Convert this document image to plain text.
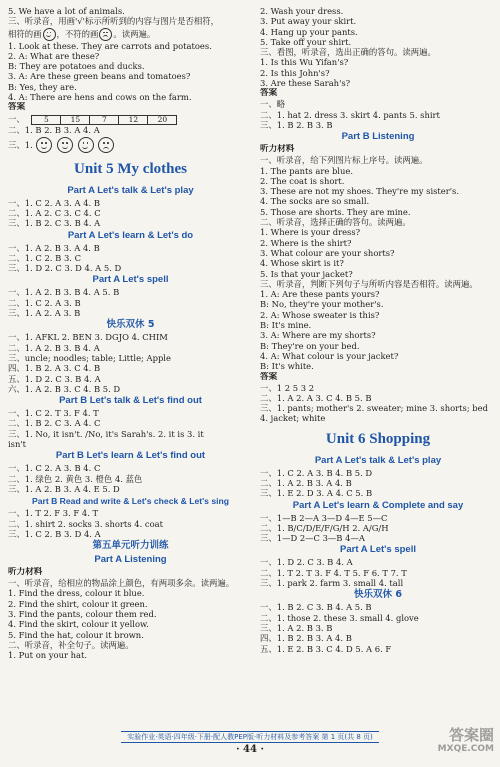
5. We have a lot of animals.
三、听录音，用画'√'标示所听到的内容与图片是否相符，
相符的画 ，不符的画 。读两遍。
1. Look at these. They are carrots and potatoes.
2. A: What are these?
B: They are potatoes and ducks.
3. A: Are these green beans and tomatoes?
B: Yes, they are.
4. A: There are hens and cows on the farm.
答案
一、	5	15	7	12	20
二、1. B 2. B 3. A 4. A
三、1.
Unit 5 My clothes
Part A Let's talk & Let's play
一、1. C 2. A 3. A 4. B
二、1. A 2. C 3. C 4. C
三、1. B 2. C 3. B 4. A
Part A Let's learn & Let's do
一、1. A 2. B 3. A 4. B
二、1. C 2. B 3. C
三、1. D 2. C 3. D 4. A 5. D
Part A Let's spell
一、1. A 2. B 3. B 4. A 5. B
二、1. C 2. A 3. B
三、1. A 2. A 3. B
快乐双休 5
一、1. AFKL 2. BEN 3. DGJO 4. CHIM
二、1. A 2. B 3. B 4. A
三、uncle; noodles; table; Little; Apple
四、1. B 2. A 3. C 4. B
五、1. D 2. C 3. B 4. A
六、1. A 2. B 3. C 4. B 5. D
Part B Let's talk & Let's find out
一、1. C 2. T 3. F 4. T
二、1. B 2. C 3. A 4. C
三、1. No, it isn't. /No, it's Sarah's. 2. it is 3. it
isn't
Part B Let's learn & Let's find out
一、1. C 2. A 3. B 4. C
二、1. 绿色 2. 黄色 3. 橙色 4. 蓝色
三、1. A 2. B 3. A 4. E 5. D
Part B Read and write & Let's check & Let's sing
一、1. T 2. F 3. F 4. T
二、1. shirt 2. socks 3. shorts 4. coat
三、1. C 2. B 3. D 4. A
第五单元听力训练
Part A Listening
听力材料
一、听录音，给相应的物品涂上颜色，有两项多余。读两遍。
1. Find the dress, colour it blue.
2. Find the shirt, colour it green.
3. Find the pants, colour them red.
4. Find the skirt, colour it yellow.
5. Find the hat, colour it brown.
二、听录音，补全句子。读两遍。
1. Put on your hat.
2. Wash your dress.
3. Put away your skirt.
4. Hang up your pants.
5. Take off your shirt.
三、看图，听录音，选出正确的答句。读两遍。
1. Is this Wu Yifan's?
2. Is this John's?
3. Are these Sarah's?
答案
一、略
二、1. hat 2. dress 3. skirt 4. pants 5. shirt
三、1. B 2. B 3. B
Part B Listening
听力材料
一、听录音，给下列图片标上序号。读两遍。
1. The pants are blue.
2. The coat is short.
3. These are not my shoes. They're my sister's.
4. The socks are so small.
5. Those are shorts. They are mine.
二、听录音，选择正确的答句。读两遍。
1. Where is your dress?
2. Where is the shirt?
3. What colour are your shorts?
4. Whose skirt is it?
5. Is that your jacket?
三、听录音，判断下列句子与所听内容是否相符。读两遍。
1. A: Are these pants yours?
B: No, they're your mother's.
2. A: Whose sweater is this?
B: It's mine.
3. A: Where are my shorts?
B: They're on your bed.
4. A: What colour is your jacket?
B: It's white.
答案
一、1 2 5 3 2
二、1. A 2. A 3. C 4. B 5. B
三、1. pants; mother's 2. sweater; mine 3. shorts; bed
4. jacket; white
Unit 6 Shopping
Part A Let's talk & Let's play
一、1. C 2. A 3. B 4. B 5. D
二、1. A 2. B 3. A 4. B
三、1. E 2. D 3. A 4. C 5. B
Part A Let's learn & Complete and say
一、1—B 2—A 3—D 4—E 5—C
二、1. B/C/D/E/F/G/H 2. A/G/H
三、1—D 2—C 3—B 4—A
Part A Let's spell
一、1. D 2. C 3. B 4. A
二、1. T 2. T 3. F 4. T 5. F 6. T 7. T
三、1. park 2. farm 3. small 4. tall
快乐双休 6
一、1. B 2. C 3. B 4. A 5. B
二、1. those 2. these 3. small 4. glove
三、1. A 2. B 3. B
四、1. B 2. B 3. A 4. B
五、1. E 2. B 3. C 4. D 5. A 6. F
实验作业·英语·四年级·下册·配人教PEP版·听力材料及参考答案 第 1 页(共 8 页)
· 44 ·
答案圈
MXQE.COM
